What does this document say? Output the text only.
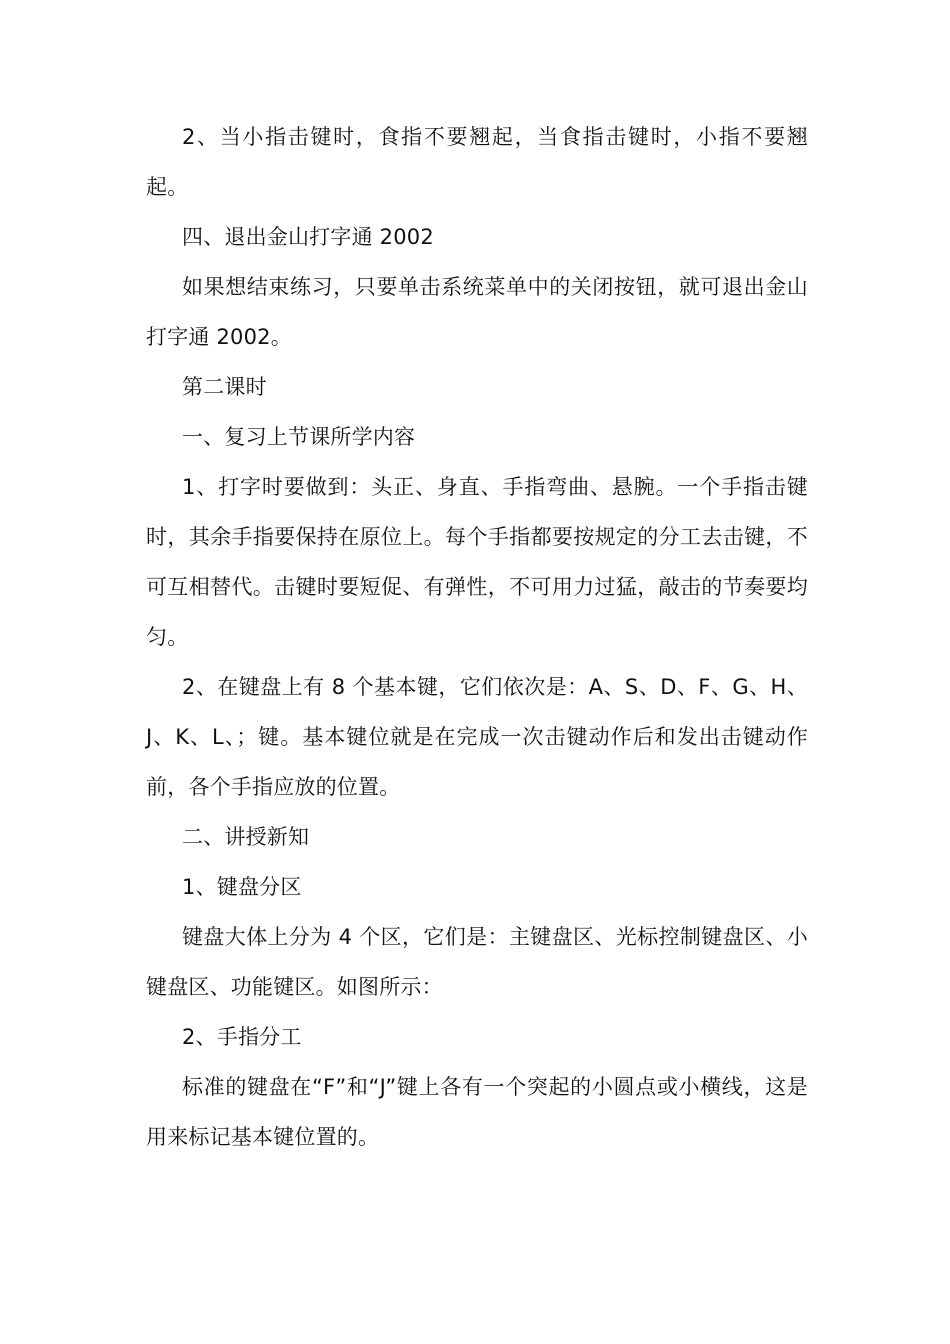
2、当小指击键时，食指不要翘起，当食指击键时，小指不要翘起。

四、退出金山打字通 2002

如果想结束练习，只要单击系统菜单中的关闭按钮，就可退出金山打字通 2002。

第二课时

一、复习上节课所学内容

1、打字时要做到：头正、身直、手指弯曲、悬腕。一个手指击键时，其余手指要保持在原位上。每个手指都要按规定的分工去击键，不可互相替代。击键时要短促、有弹性，不可用力过猛，敲击的节奏要均匀。

2、在键盘上有 8 个基本键，它们依次是：A、S、D、F、G、H、J、K、L、；键。基本键位就是在完成一次击键动作后和发出击键动作前，各个手指应放的位置。

二、讲授新知

1、键盘分区

键盘大体上分为 4 个区，它们是：主键盘区、光标控制键盘区、小键盘区、功能键区。如图所示：

2、手指分工

标准的键盘在“F”和“J”键上各有一个突起的小圆点或小横线，这是用来标记基本键位置的。
